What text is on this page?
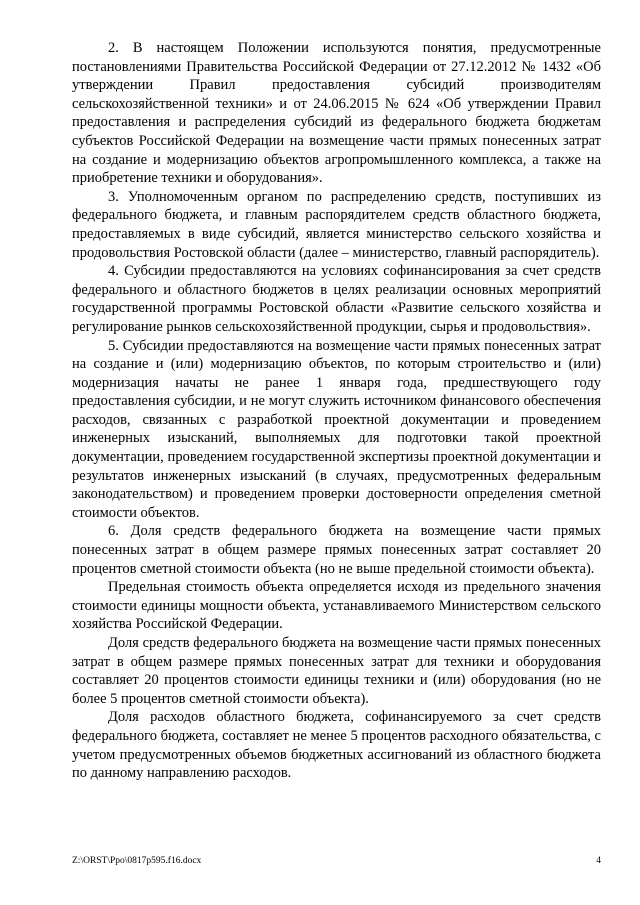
2. В настоящем Положении используются понятия, предусмотренные постановлениями Правительства Российской Федерации от 27.12.2012 № 1432 «Об утверждении Правил предоставления субсидий производителям сельскохозяйственной техники» и от 24.06.2015 № 624 «Об утверждении Правил предоставления и распределения субсидий из федерального бюджета бюджетам субъектов Российской Федерации на возмещение части прямых понесенных затрат на создание и модернизацию объектов агропромышленного комплекса, а также на приобретение техники и оборудования».

3. Уполномоченным органом по распределению средств, поступивших из федерального бюджета, и главным распорядителем средств областного бюджета, предоставляемых в виде субсидий, является министерство сельского хозяйства и продовольствия Ростовской области (далее – министерство, главный распорядитель).

4. Субсидии предоставляются на условиях софинансирования за счет средств федерального и областного бюджетов в целях реализации основных мероприятий государственной программы Ростовской области «Развитие сельского хозяйства и регулирование рынков сельскохозяйственной продукции, сырья и продовольствия».

5. Субсидии предоставляются на возмещение части прямых понесенных затрат на создание и (или) модернизацию объектов, по которым строительство и (или) модернизация начаты не ранее 1 января года, предшествующего году предоставления субсидии, и не могут служить источником финансового обеспечения расходов, связанных с разработкой проектной документации и проведением инженерных изысканий, выполняемых для подготовки такой проектной документации, проведением государственной экспертизы проектной документации и результатов инженерных изысканий (в случаях, предусмотренных федеральным законодательством) и проведением проверки достоверности определения сметной стоимости объектов.

6. Доля средств федерального бюджета на возмещение части прямых понесенных затрат в общем размере прямых понесенных затрат составляет 20 процентов сметной стоимости объекта (но не выше предельной стоимости объекта).

Предельная стоимость объекта определяется исходя из предельного значения стоимости единицы мощности объекта, устанавливаемого Министерством сельского хозяйства Российской Федерации.

Доля средств федерального бюджета на возмещение части прямых понесенных затрат в общем размере прямых понесенных затрат для техники и оборудования составляет 20 процентов стоимости единицы техники и (или) оборудования (но не более 5 процентов сметной стоимости объекта).

Доля расходов областного бюджета, софинансируемого за счет средств федерального бюджета, составляет не менее 5 процентов расходного обязательства, с учетом предусмотренных объемов бюджетных ассигнований из областного бюджета по данному направлению расходов.

Z:\ORST\Ppo\0817p595.f16.docx	4
